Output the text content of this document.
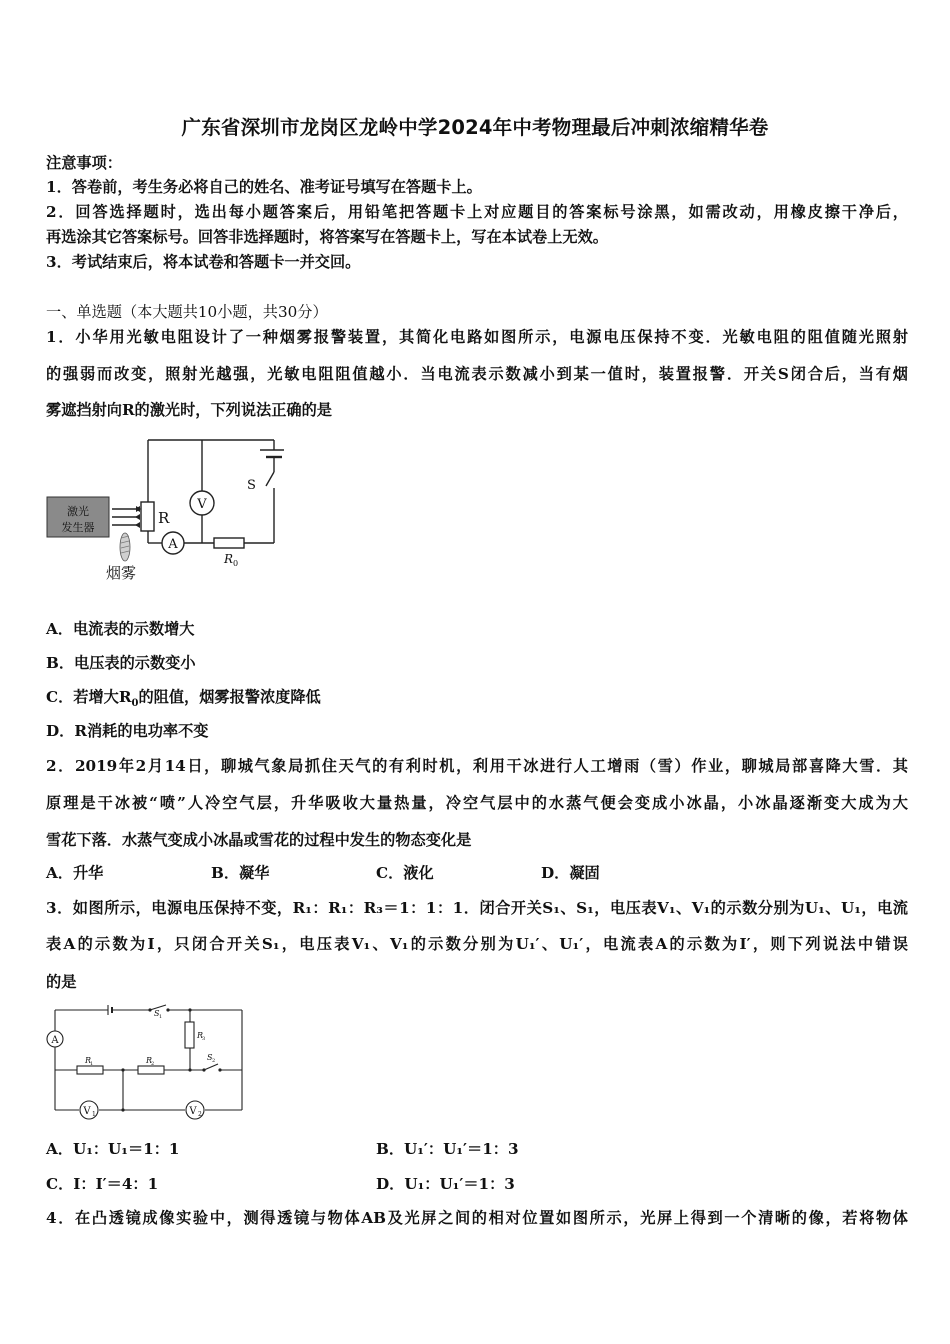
广东省深圳市龙岗区龙岭中学2024年中考物理最后冲刺浓缩精华卷
注意事项：
1．答卷前，考生务必将自己的姓名、准考证号填写在答题卡上。
2．回答选择题时，选出每小题答案后，用铅笔把答题卡上对应题目的答案标号涂黑，如需改动，用橡皮擦干净后，
再选涂其它答案标号。回答非选择题时，将答案写在答题卡上，写在本试卷上无效。
3．考试结束后，将本试卷和答题卡一并交回。
一、单选题（本大题共10小题，共30分）
1．小华用光敏电阻设计了一种烟雾报警装置，其简化电路如图所示，电源电压保持不变．光敏电阻的阻值随光照射
的强弱而改变，照射光越强，光敏电阻阻值越小．当电流表示数减小到某一值时，装置报警．开关S闭合后，当有烟
雾遮挡射向R的激光时，下列说法正确的是
激光
发生器
R
V
A
S
R 0
烟雾
A．电流表的示数增大
B．电压表的示数变小
C．若增大$R_0$的阻值，烟雾报警浓度降低
D．R消耗的电功率不变
2．2019年2月14日，聊城气象局抓住天气的有利时机，利用干冰进行人工增雨（雪）作业，聊城局部喜降大雪．其
原理是干冰被“喷”人冷空气层，升华吸收大量热量，冷空气层中的水蒸气便会变成小冰晶，小冰晶逐渐变大成为大
雪花下落．水蒸气变成小冰晶或雪花的过程中发生的物态变化是
A．升华	B．凝华	C．液化	D．凝固
3．如图所示，电源电压保持不变，R₁：R₁：R₃＝1：1：1．闭合开关S₁、S₁，电压表V₁、V₁的示数分别为U₁、U₁，电流
表A的示数为I，只闭合开关S₁，电压表V₁、V₁的示数分别为U₁′、U₁′，电流表A的示数为I′，则下列说法中错误
的是
A
S 1
R
3
S 2
R
1	R
2
V 1	V 2
A．U₁：U₁＝1：1	B．U₁′：U₁′＝1：3
C．I：I′＝4：1	D．U₁：U₁′＝1：3
4．在凸透镜成像实验中，测得透镜与物体AB及光屏之间的相对位置如图所示，光屏上得到一个清晰的像，若将物体
